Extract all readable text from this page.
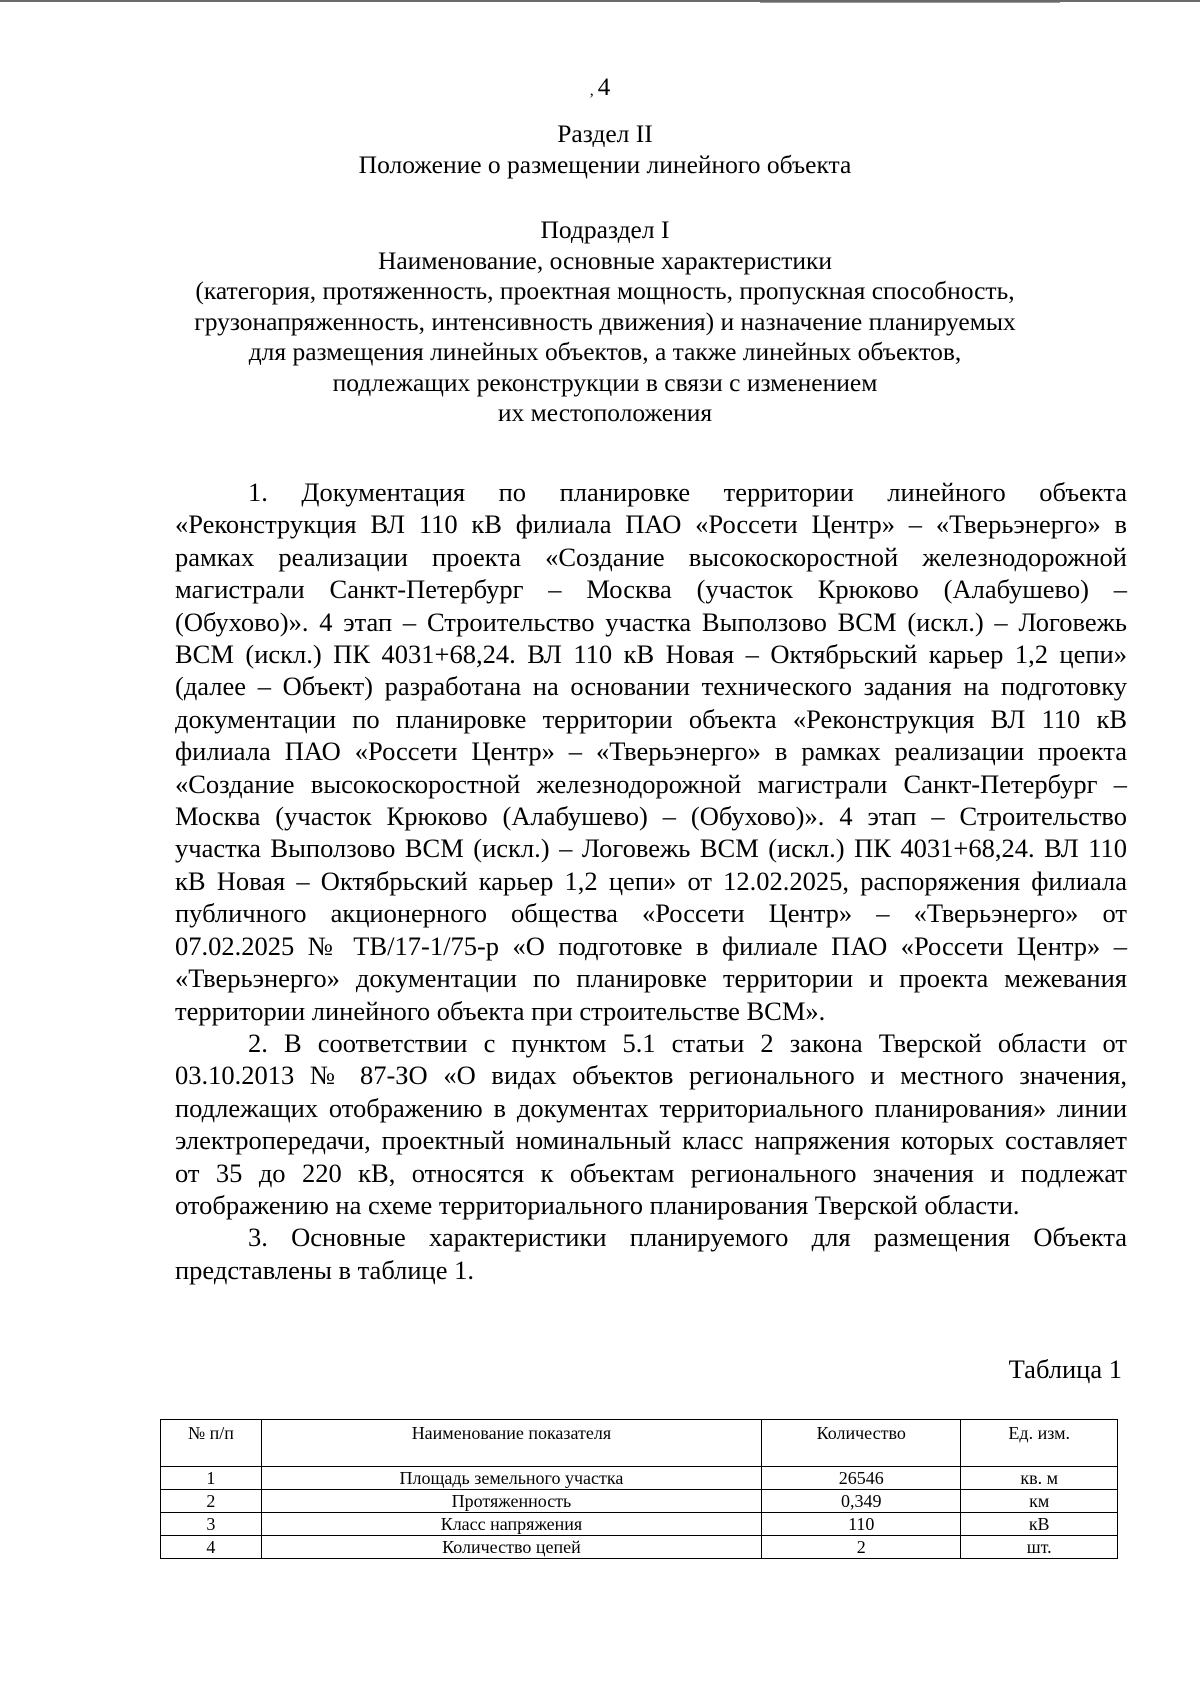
, 4
Раздел II
Положение о размещении линейного объекта
Подраздел I
Наименование, основные характеристики
(категория, протяженность, проектная мощность, пропускная способность,
грузонапряженность, интенсивность движения) и назначение планируемых
для размещения линейных объектов, а также линейных объектов,
подлежащих реконструкции в связи с изменением
их местоположения

1. Документация по планировке территории линейного объекта «Реконструкция ВЛ 110 кВ филиала ПАО «Россети Центр» – «Тверьэнерго» в рамках реализации проекта «Создание высокоскоростной железнодорожной магистрали Санкт-Петербург – Москва (участок Крюково (Алабушево) – (Обухово)». 4 этап – Строительство участка Выползово ВСМ (искл.) – Логовежь ВСМ (искл.) ПК 4031+68,24. ВЛ 110 кВ Новая – Октябрьский карьер 1,2 цепи» (далее – Объект) разработана на основании технического задания на подготовку документации по планировке территории объекта «Реконструкция ВЛ 110 кВ филиала ПАО «Россети Центр» – «Тверьэнерго» в рамках реализации проекта «Создание высокоскоростной железнодорожной магистрали Санкт-Петербург – Москва (участок Крюково (Алабушево) – (Обухово)». 4 этап – Строительство участка Выползово ВСМ (искл.) – Логовежь ВСМ (искл.) ПК 4031+68,24. ВЛ 110 кВ Новая – Октябрьский карьер 1,2 цепи» от 12.02.2025, распоряжения филиала публичного акционерного общества «Россети Центр» – «Тверьэнерго» от 07.02.2025 № ТВ/17-1/75-р «О подготовке в филиале ПАО «Россети Центр» – «Тверьэнерго» документации по планировке территории и проекта межевания территории линейного объекта при строительстве ВСМ».

2. В соответствии с пунктом 5.1 статьи 2 закона Тверской области от 03.10.2013 № 87-ЗО «О видах объектов регионального и местного значения, подлежащих отображению в документах территориального планирования» линии электропередачи, проектный номинальный класс напряжения которых составляет от 35 до 220 кВ, относятся к объектам регионального значения и подлежат отображению на схеме территориального планирования Тверской области.

3. Основные характеристики планируемого для размещения Объекта представлены в таблице 1.

Таблица 1
№ п/п	Наименование показателя	Количество	Ед. изм.
1	Площадь земельного участка	26546	кв. м
2	Протяженность	0,349	км
3	Класс напряжения	110	кВ
4	Количество цепей	2	шт.
